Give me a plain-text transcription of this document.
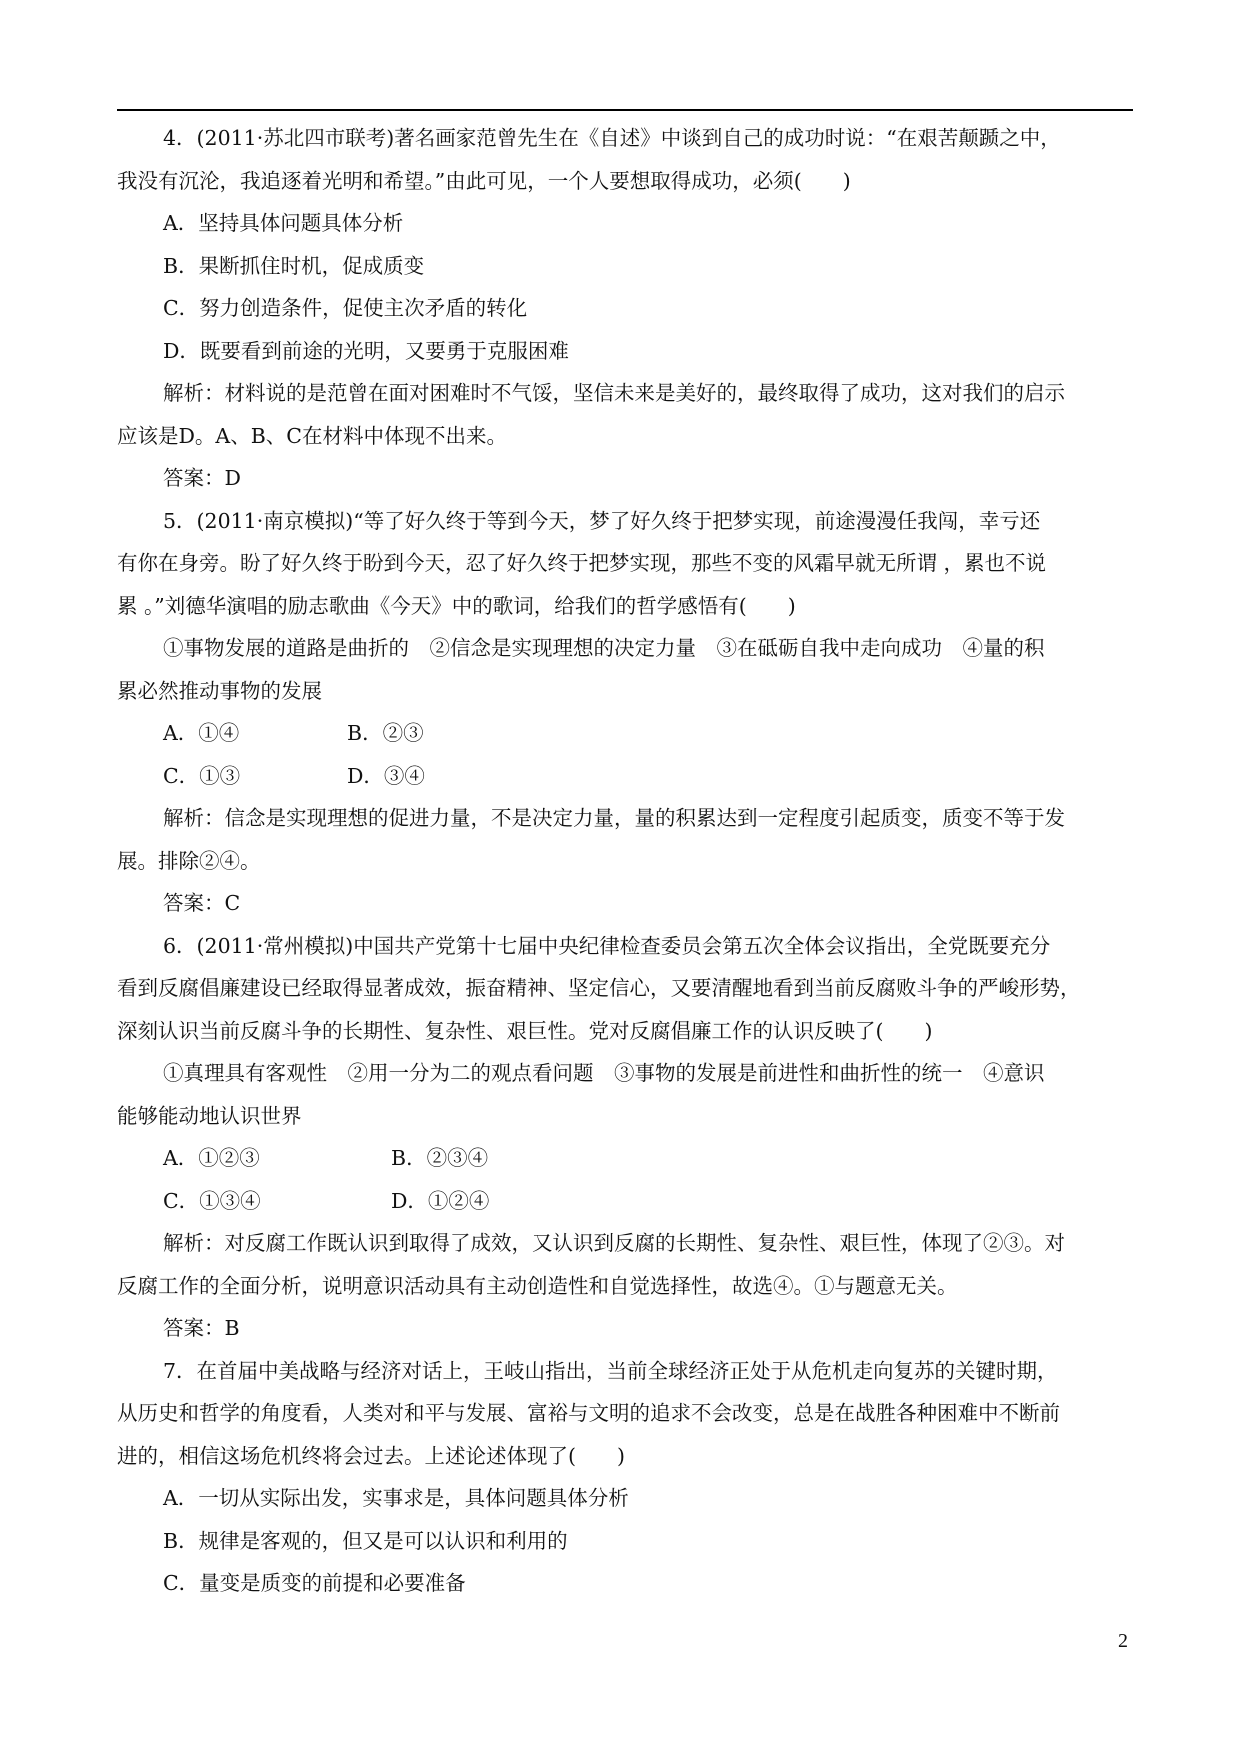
4．(2011·苏北四市联考)著名画家范曾先生在《自述》中谈到自己的成功时说：“在艰苦颠踬之中，
我没有沉沦，我追逐着光明和希望。”由此可见，一个人要想取得成功，必须(　　)
A．坚持具体问题具体分析
B．果断抓住时机，促成质变
C．努力创造条件，促使主次矛盾的转化
D．既要看到前途的光明，又要勇于克服困难
解析：材料说的是范曾在面对困难时不气馁，坚信未来是美好的，最终取得了成功，这对我们的启示
应该是D。A、B、C在材料中体现不出来。
答案：D
5．(2011·南京模拟)“等了好久终于等到今天，梦了好久终于把梦实现，前途漫漫任我闯，幸亏还
有你在身旁。盼了好久终于盼到今天，忍了好久终于把梦实现，那些不变的风霜早就无所谓 ，累也不说
累 。”刘德华演唱的励志歌曲《今天》中的歌词，给我们的哲学感悟有(　　)
①事物发展的道路是曲折的　②信念是实现理想的决定力量　③在砥砺自我中走向成功　④量的积
累必然推动事物的发展
A．①④	B．②③
C．①③	D．③④
解析：信念是实现理想的促进力量，不是决定力量，量的积累达到一定程度引起质变，质变不等于发
展。排除②④。
答案：C
6．(2011·常州模拟)中国共产党第十七届中央纪律检查委员会第五次全体会议指出，全党既要充分
看到反腐倡廉建设已经取得显著成效，振奋精神、坚定信心，又要清醒地看到当前反腐败斗争的严峻形势，
深刻认识当前反腐斗争的长期性、复杂性、艰巨性。党对反腐倡廉工作的认识反映了(　　)
①真理具有客观性　②用一分为二的观点看问题　③事物的发展是前进性和曲折性的统一　④意识
能够能动地认识世界
A．①②③	B．②③④
C．①③④	D．①②④
解析：对反腐工作既认识到取得了成效，又认识到反腐的长期性、复杂性、艰巨性，体现了②③。对
反腐工作的全面分析，说明意识活动具有主动创造性和自觉选择性，故选④。①与题意无关。
答案：B
7．在首届中美战略与经济对话上，王岐山指出，当前全球经济正处于从危机走向复苏的关键时期，
从历史和哲学的角度看，人类对和平与发展、富裕与文明的追求不会改变，总是在战胜各种困难中不断前
进的，相信这场危机终将会过去。上述论述体现了(　　)
A．一切从实际出发，实事求是，具体问题具体分析
B．规律是客观的，但又是可以认识和利用的
C．量变是质变的前提和必要准备
2
